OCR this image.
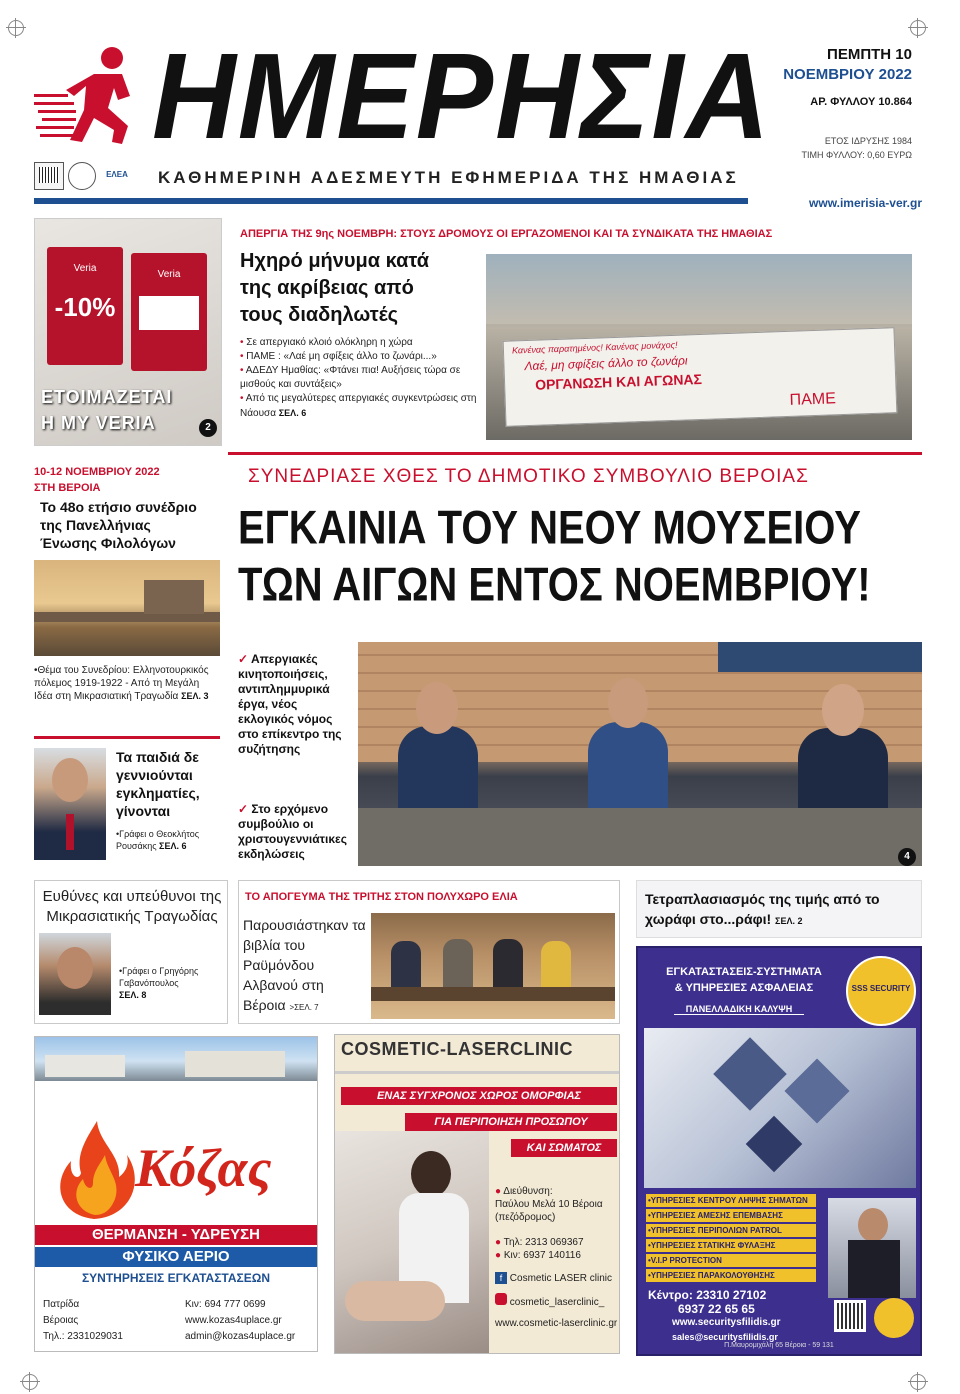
ΗΜΕΡΗΣΙΑ	ΠΕΜΠΤΗ 10
ΝΟΕΜΒΡΙΟΥ 2022
ΑΡ. ΦΥΛΛΟΥ 10.864
ΕΤΟΣ ΙΔΡΥΣΗΣ 1984
ΤΙΜΗ ΦΥΛΛΟΥ: 0,60 ΕΥΡΩ
ΕΛΕΑ	ΚΑΘΗΜΕΡΙΝΗ ΑΔΕΣΜΕΥΤΗ ΕΦΗΜΕΡΙΔΑ ΤΗΣ ΗΜΑΘΙΑΣ
www.imerisia-ver.gr
Veria
-10%
Veria
ΕΤΟΙΜΑΖΕΤΑΙ
Η MY VERIA	2
ΑΠΕΡΓΙΑ ΤΗΣ 9ης ΝΟΕΜΒΡΗ: ΣΤΟΥΣ ΔΡΟΜΟΥΣ ΟΙ ΕΡΓΑΖΟΜΕΝΟΙ ΚΑΙ ΤΑ ΣΥΝΔΙΚΑΤΑ ΤΗΣ ΗΜΑΘΙΑΣ
Ηχηρό μήνυμα κατά
της ακρίβειας από
τους διαδηλωτές
• Σε απεργιακό κλοιό ολόκληρη η χώρα
• ΠΑΜΕ : «Λαέ μη σφίξεις άλλο το ζωνάρι...»
• ΑΔΕΔΥ Ημαθίας: «Φτάνει πια! Αυξήσεις τώρα σε μισθούς και συντάξεις»
• Από τις μεγαλύτερες απεργιακές συγκεντρώσεις στη Νάουσα ΣΕΛ. 6
Κανένας παρατημένος! Κανένας μονάχος!
Λαέ, μη σφίξεις άλλο το ζωνάρι
ΟΡΓΑΝΩΣΗ ΚΑΙ ΑΓΩΝΑΣ
ΠΑΜΕ
10-12 ΝΟΕΜΒΡΙΟΥ 2022
ΣΤΗ ΒΕΡΟΙΑ
Το 48ο ετήσιο συνέδριο
της Πανελλήνιας
Ένωσης Φιλολόγων
•Θέμα του Συνεδρίου: Ελληνοτουρκικός πόλεμος 1919-1922 - Από τη Μεγάλη Ιδέα στη Μικρασιατική Τραγωδία ΣΕΛ. 3
Τα παιδιά δε
γεννιούνται
εγκληματίες,
γίνονται
•Γράφει ο Θεοκλήτος Ρουσάκης ΣΕΛ. 6
ΣΥΝΕΔΡΙΑΣΕ ΧΘΕΣ ΤΟ ΔΗΜΟΤΙΚΟ ΣΥΜΒΟΥΛΙΟ ΒΕΡΟΙΑΣ
ΕΓΚΑΙΝΙΑ ΤΟΥ ΝΕΟΥ ΜΟΥΣΕΙΟΥ
ΤΩΝ ΑΙΓΩΝ ΕΝΤΟΣ ΝΟΕΜΒΡΙΟΥ!
✓ Απεργιακές κινητοποιήσεις, αντιπλημμυρικά έργα, νέος εκλογικός νόμος στο επίκεντρο της συζήτησης
✓ Στο ερχόμενο συμβούλιο οι χριστουγεννιάτικες εκδηλώσεις	4
Ευθύνες και υπεύθυνοι της Μικρασιατικής Τραγωδίας
•Γράφει ο Γρηγόρης Γαβανόπουλος
ΣΕΛ. 8
ΤΟ ΑΠΟΓΕΥΜΑ ΤΗΣ ΤΡΙΤΗΣ ΣΤΟΝ ΠΟΛΥΧΩΡΟ ΕΛΙΑ
Παρουσιάστηκαν τα βιβλία του Ραϋμόνδου Αλβανού στη Βέροια >ΣΕΛ. 7
Τετραπλασιασμός της τιμής από το χωράφι στο...ράφι! ΣΕΛ. 2
Κόζας
ΘΕΡΜΑΝΣΗ - ΥΔΡΕΥΣΗ
ΦΥΣΙΚΟ ΑΕΡΙΟ
ΣΥΝΤΗΡΗΣΕΙΣ ΕΓΚΑΤΑΣΤΑΣΕΩΝ
Πατρίδα
Βέροιας
Τηλ.: 2331029031
Κιν: 694 777 0699
www.kozas4uplace.gr
admin@kozas4uplace.gr
COSMETIC-LASERCLINIC
ΕΝΑΣ ΣΥΓΧΡΟΝΟΣ ΧΩΡΟΣ ΟΜΟΡΦΙΑΣ
ΓΙΑ ΠΕΡΙΠΟΙΗΣΗ ΠΡΟΣΩΠΟΥ
ΚΑΙ ΣΩΜΑΤΟΣ
● Διεύθυνση:
Παύλου Μελά 10 Βέροια (πεζόδρομος)
● Τηλ: 2313 069367
● Κιν: 6937 140116
f Cosmetic LASER clinic
cosmetic_laserclinic_
www.cosmetic-laserclinic.gr
ΕΓΚΑΤΑΣΤΑΣΕΙΣ-ΣΥΣΤΗΜΑΤΑ
& ΥΠΗΡΕΣΙΕΣ ΑΣΦΑΛΕΙΑΣ
ΠΑΝΕΛΛΑΔΙΚΗ ΚΑΛΥΨΗ
SSS SECURITY
•ΥΠΗΡΕΣΙΕΣ ΚΕΝΤΡΟΥ ΛΗΨΗΣ ΣΗΜΑΤΩΝ
•ΥΠΗΡΕΣΙΕΣ ΑΜΕΣΗΣ ΕΠΕΜΒΑΣΗΣ
•ΥΠΗΡΕΣΙΕΣ ΠΕΡΙΠΟΛΙΩΝ PATROL
•ΥΠΗΡΕΣΙΕΣ ΣΤΑΤΙΚΗΣ ΦΥΛΑΞΗΣ
•V.I.P PROTECTION
•ΥΠΗΡΕΣΙΕΣ ΠΑΡΑΚΟΛΟΥΘΗΣΗΣ
Κέντρο: 23310 27102
6937 22 65 65
www.securitysfilidis.gr
sales@securitysfilidis.gr
Π.Μαυρομιχάλη 65 Βέροια - 59 131
